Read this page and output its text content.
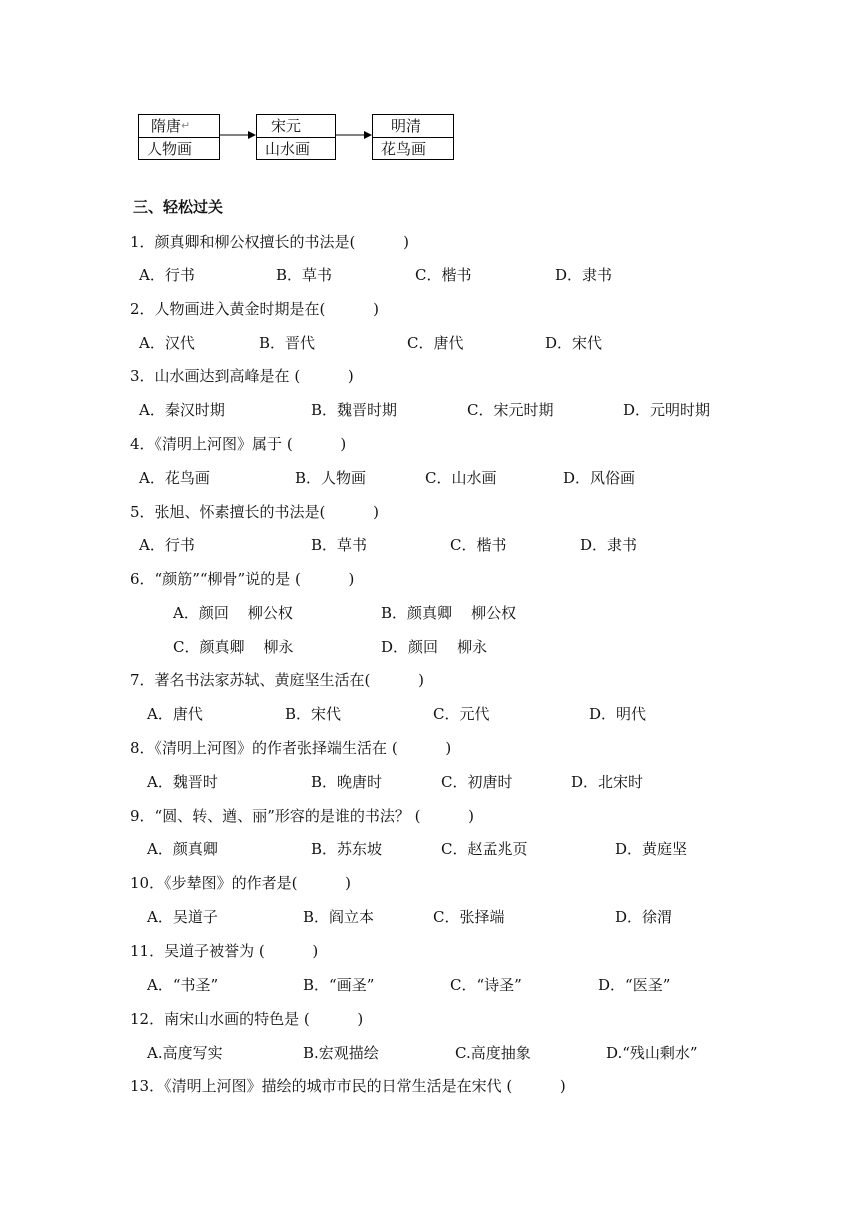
隋唐↵
人物画
宋元
山水画
明清
花鸟画
三、轻松过关
1．颜真卿和柳公权擅长的书法是(          )
A．行书	B．草书	C．楷书	D．隶书
2．人物画进入黄金时期是在(          )
A．汉代	B．晋代	C．唐代	D．宋代
3．山水画达到高峰是在 (          )
A．秦汉时期	B．魏晋时期	C．宋元时期	D．元明时期
4．《清明上河图》属于 (          )
A．花鸟画	B．人物画	C．山水画	D．风俗画
5．张旭、怀素擅长的书法是(          )
A．行书	B．草书	C．楷书	D．隶书
6．“颜筋”“柳骨”说的是 (          )
A．颜回    柳公权	B．颜真卿    柳公权
C．颜真卿    柳永	D．颜回    柳永
7．著名书法家苏轼、黄庭坚生活在(          )
A．唐代	B．宋代	C．元代	D．明代
8．《清明上河图》的作者张择端生活在 (          )
A．魏晋时	B．晚唐时	C．初唐时	D．北宋时
9．“圆、转、遒、丽”形容的是谁的书法？ (          )
A．颜真卿	B．苏东坡	C．赵孟兆页	D．黄庭坚
10．《步辇图》的作者是(          )
A．吴道子	B．阎立本	C．张择端	D．徐渭
11．吴道子被誉为 (          )
A．“书圣”	B．“画圣”	C．“诗圣”	D．“医圣”
12．南宋山水画的特色是 (          )
A.高度写实	B.宏观描绘	C.高度抽象	D.“残山剩水”
13．《清明上河图》描绘的城市市民的日常生活是在宋代 (          )
